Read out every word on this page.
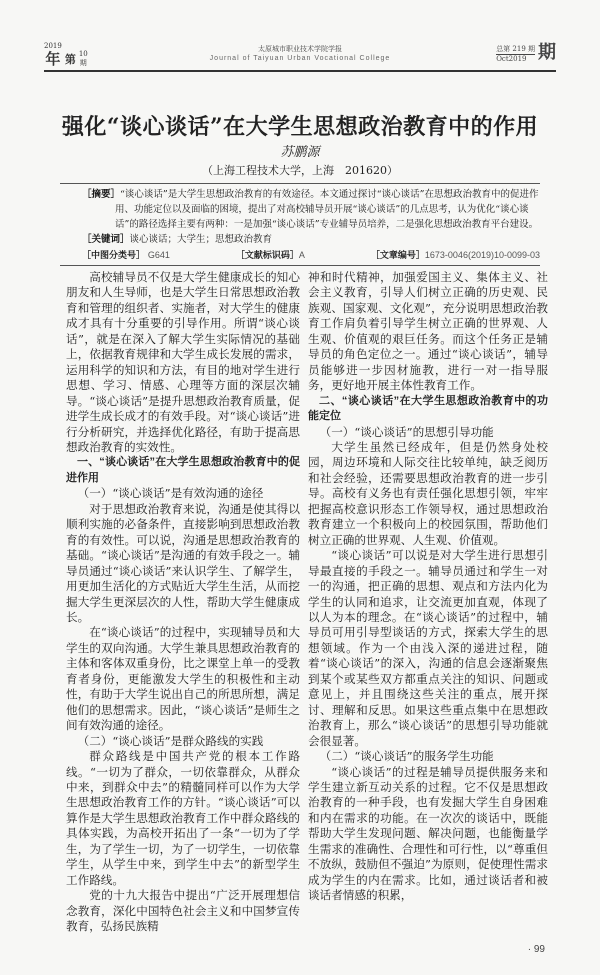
2019
年 第 10
期
太原城市职业技术学院学报
Journal of Taiyuan Urban Vocational College
总第 219 期
Oct2019 期
强化“谈心谈话”在大学生思想政治教育中的作用
苏鹏源
（上海工程技术大学，上海　201620）
［摘要］“谈心谈话”是大学生思想政治教育的有效途径。本文通过探讨“谈心谈话”在思想政治教育中的促进作用、功能定位以及面临的困境，提出了对高校辅导员开展“谈心谈话”的几点思考，认为优化“谈心谈话”的路径选择主要有两种：一是加强“谈心谈话”专业辅导员培养，二是强化思想政治教育平台建设。
［关键词］谈心谈话；大学生；思想政治教育
［中图分类号］ G641	［文献标识码］A	［文章编号］1673-0046(2019)10-0099-03

高校辅导员不仅是大学生健康成长的知心朋友和人生导师，也是大学生日常思想政治教育和管理的组织者、实施者，对大学生的健康成才具有十分重要的引导作用。所谓“谈心谈话”，就是在深入了解大学生实际情况的基础上，依据教育规律和大学生成长发展的需求，运用科学的知识和方法，有目的地对学生进行思想、学习、情感、心理等方面的深层次辅导。“谈心谈话”是提升思想政治教育质量，促进学生成长成才的有效手段。对“谈心谈话”进行分析研究，并选择优化路径，有助于提高思想政治教育的实效性。

一、“谈心谈话”在大学生思想政治教育中的促进作用
（一）“谈心谈话”是有效沟通的途径

对于思想政治教育来说，沟通是使其得以顺利实施的必备条件，直接影响到思想政治教育的有效性。可以说，沟通是思想政治教育的基础。“谈心谈话”是沟通的有效手段之一。辅导员通过“谈心谈话”来认识学生、了解学生，用更加生活化的方式贴近大学生生活，从而挖掘大学生更深层次的人性，帮助大学生健康成长。

在“谈心谈话”的过程中，实现辅导员和大学生的双向沟通。大学生兼具思想政治教育的主体和客体双重身份，比之课堂上单一的受教育者身份，更能激发大学生的积极性和主动性，有助于大学生说出自己的所思所想，满足他们的思想需求。因此，“谈心谈话”是师生之间有效沟通的途径。

（二）“谈心谈话”是群众路线的实践

群众路线是中国共产党的根本工作路线。“一切为了群众，一切依靠群众，从群众中来，到群众中去”的精髓同样可以作为大学生思想政治教育工作的方针。“谈心谈话”可以算作是大学生思想政治教育工作中群众路线的具体实践，为高校开拓出了一条“一切为了学生，为了学生一切，为了一切学生，一切依靠学生，从学生中来，到学生中去”的新型学生工作路线。

党的十九大报告中提出“广泛开展理想信念教育，深化中国特色社会主义和中国梦宣传教育，弘扬民族精

神和时代精神，加强爱国主义、集体主义、社会主义教育，引导人们树立正确的历史观、民族观、国家观、文化观”，充分说明思想政治教育工作肩负着引导学生树立正确的世界观、人生观、价值观的艰巨任务。而这个任务正是辅导员的角色定位之一。通过“谈心谈话”，辅导员能够进一步因材施教，进行一对一指导服务，更好地开展主体性教育工作。

二、“谈心谈话”在大学生思想政治教育中的功能定位
（一）“谈心谈话”的思想引导功能

大学生虽然已经成年，但是仍然身处校园，周边环境和人际交往比较单纯，缺乏阅历和社会经验，还需要思想政治教育的进一步引导。高校有义务也有责任强化思想引领，牢牢把握高校意识形态工作领导权，通过思想政治教育建立一个积极向上的校园氛围，帮助他们树立正确的世界观、人生观、价值观。

“谈心谈话”可以说是对大学生进行思想引导最直接的手段之一。辅导员通过和学生一对一的沟通，把正确的思想、观点和方法内化为学生的认同和追求，让交流更加直观，体现了以人为本的理念。在“谈心谈话”的过程中，辅导员可用引导型谈话的方式，探索大学生的思想领域。作为一个由浅入深的递进过程，随着“谈心谈话”的深入，沟通的信息会逐渐聚焦到某个或某些双方都重点关注的知识、问题或意见上，并且围绕这些关注的重点，展开探讨、理解和反思。如果这些重点集中在思想政治教育上，那么“谈心谈话”的思想引导功能就会很显著。

（二）“谈心谈话”的服务学生功能

“谈心谈话”的过程是辅导员提供服务来和学生建立新互动关系的过程。它不仅是思想政治教育的一种手段，也有发掘大学生自身困难和内在需求的功能。在一次次的谈话中，既能帮助大学生发现问题、解决问题，也能衡量学生需求的准确性、合理性和可行性，以“尊重但不放纵，鼓励但不强迫”为原则，促使理性需求成为学生的内在需求。比如，通过谈话者和被谈话者情感的积累，

· 99
